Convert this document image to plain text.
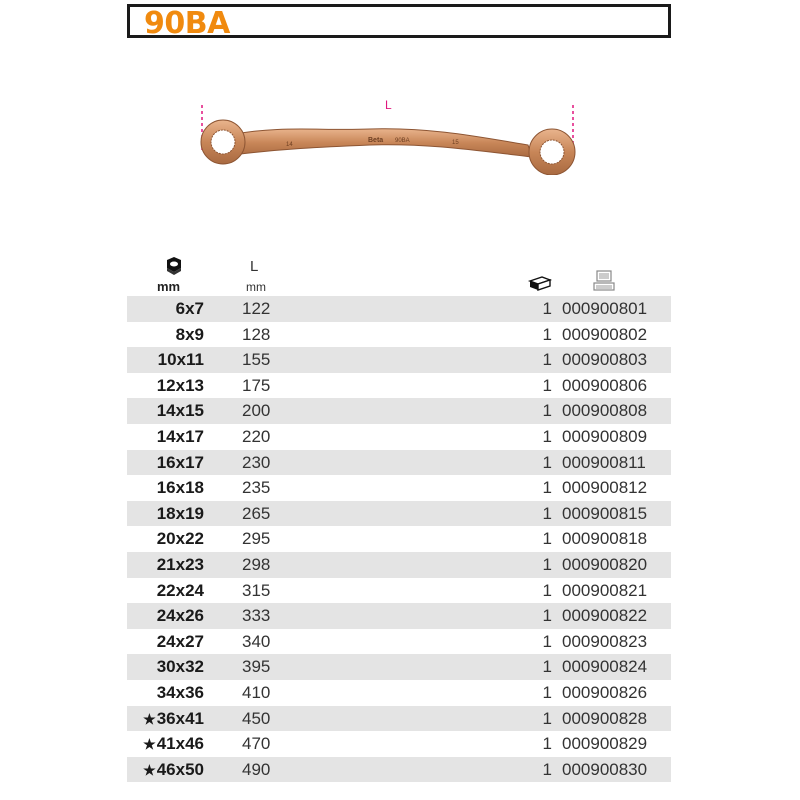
90BA
L
14
Beta 90BA	15
L
mm	mm
6x7 122	1 000900801
8x9 128	1 000900802
10x11 155	1 000900803
12x13 175	1 000900806
14x15 200	1 000900808
14x17 220	1 000900809
16x17 230	1 000900811
16x18 235	1 000900812
18x19 265	1 000900815
20x22 295	1 000900818
21x23 298	1 000900820
22x24 315	1 000900821
24x26 333	1 000900822
24x27 340	1 000900823
30x32 395	1 000900824
34x36 410	1 000900826
★36x41 450	1 000900828
★41x46 470	1 000900829
★46x50 490	1 000900830
